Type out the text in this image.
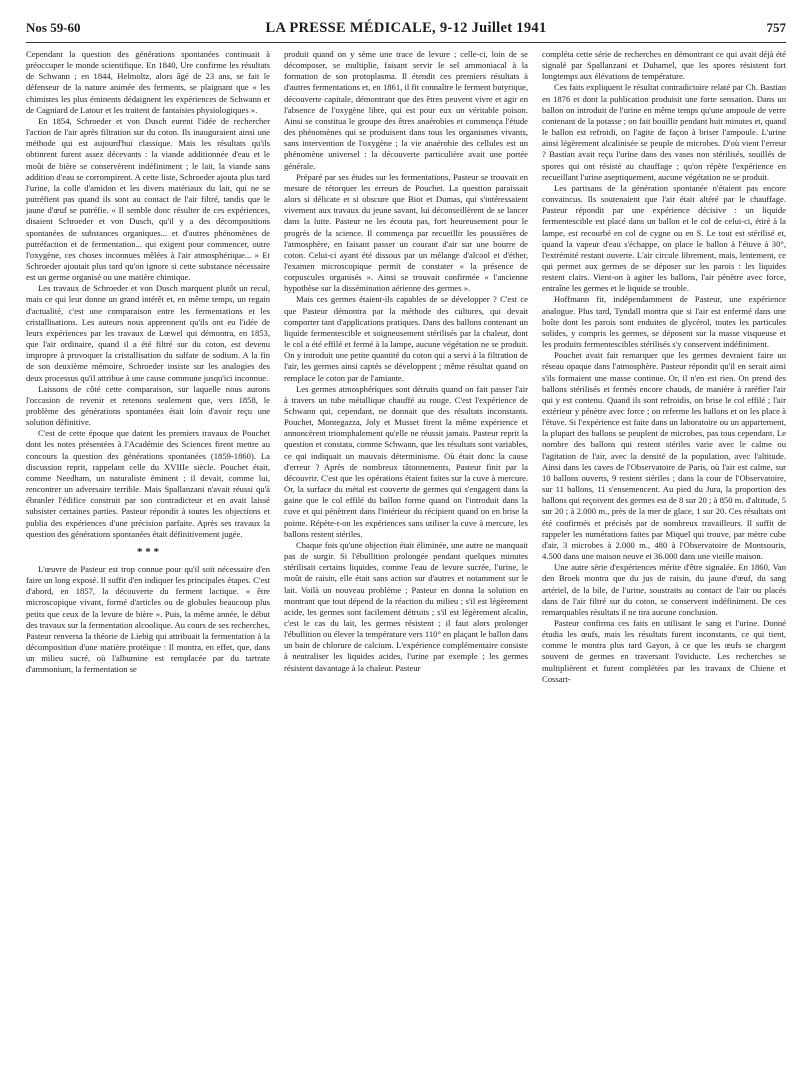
Nos 59-60	LA PRESSE MÉDICALE, 9-12 Juillet 1941	757

Cependant la question des générations spontanées continuait à préoccuper le monde scientifique. En 1840, Ure confirme les résultats de Schwann ; en 1844, Helmoltz, alors âgé de 23 ans, se fait le défenseur de la nature animée des ferments, se plaignant que « les chimistes les plus éminents dédaignent les expériences de Schwann et de Cagniard de Latour et les traitent de fantaisies physiologiques ».

En 1854, Schroeder et von Dusch eurent l'idée de rechercher l'action de l'air après filtration sur du coton. Ils inauguraient ainsi une méthode qui est aujourd'hui classique. Mais les résultats qu'ils obtinrent furent assez décevants : la viande additionnée d'eau et le moût de bière se conservèrent indéfiniment ; le lait, la viande sans addition d'eau se corrompirent. A cette liste, Schroeder ajouta plus tard l'urine, la colle d'amidon et les divers matériaux du lait, qui ne se putréfient pas quand ils sont au contact de l'air filtré, tandis que le jaune d'œuf se putréfie. « Il semble donc résulter de ces expériences, disaient Schroeder et von Dusch, qu'il y a des décompositions spontanées de substances organiques... et d'autres phénomènes de putréfaction et de fermentation... qui exigent pour commencer, outre l'oxygène, ces choses inconnues mêlées à l'air atmosphérique... » Et Schroeder ajoutait plus tard qu'on ignore si cette substance nécessaire est un germe organisé ou une matière chimique.

Les travaux de Schroeder et von Dusch marquent plutôt un recul, mais ce qui leur donne un grand intérêt et, en même temps, un regain d'actualité, c'est une comparaison entre les fermentations et les cristallisations. Les auteurs nous apprennent qu'ils ont eu l'idée de leurs expériences par les travaux de Lœwel qui démontra, en 1853, que l'air ordinaire, quand il a été filtré sur du coton, est devenu impropre à provoquer la cristallisation du sulfate de sodium. A la fin de son deuxième mémoire, Schroeder insiste sur les analogies des deux processus qu'il attribue à une cause commune jusqu'ici inconnue.

Laissons de côté cette comparaison, sur laquelle nous aurons l'occasion de revenir et retenons seulement que, vers 1858, le problème des générations spontanées était loin d'avoir reçu une solution définitive.

C'est de cette époque que datent les premiers travaux de Pouchet dont les notes présentées à l'Académie des Sciences firent mettre au concours la question des générations spontanées (1859-1860). La discussion reprit, rappelant celle du XVIIIe siècle. Pouchet était, comme Needham, un naturaliste éminent ; il devait, comme lui, rencontrer un adversaire terrible. Mais Spallanzani n'avait réussi qu'à ébranler l'édifice construit par son contradicteur et en avait laissé subsister certaines parties. Pasteur répondit à toutes les objections et publia des expériences d'une précision parfaite. Après ses travaux la question des générations spontanées était définitivement jugée.

* * *

L'œuvre de Pasteur est trop connue pour qu'il soit nécessaire d'en faire un long exposé. Il suffit d'en indiquer les principales étapes. C'est d'abord, en 1857, la découverte du ferment lactique. « être microscopique vivant, formé d'articles ou de globules beaucoup plus petits que ceux de la levure de bière ». Puis, la même année, le début des travaux sur la fermentation alcoolique. Au cours de ses recherches, Pasteur renversa la théorie de Liebig qui attribuait la fermentation à la décomposition d'une matière protéique : Il montra, en effet, que, dans un milieu sucré, où l'albumine est remplacée par du tartrate d'ammonium, la fermentation se

produit quand on y sème une trace de levure ; celle-ci, loin de se décomposer, se multiplie, faisant servir le sel ammoniacal à la formation de son protoplasma. Il étendit ces premiers résultats à d'autres fermentations et, en 1861, il fit connaître le ferment butyrique, découverte capitale, démontrant que des êtres peuvent vivre et agir en l'absence de l'oxygène libre, qui est pour eux un véritable poison. Ainsi se constitua le groupe des êtres anaérobies et commença l'étude des phénomènes qui se produisent dans tous les organismes vivants, sans intervention de l'oxygène ; la vie anaérobie des cellules est un phénomène universel : la découverte particulière avait une portée générale.

Préparé par ses études sur les fermentations, Pasteur se trouvait en mesure de rétorquer les erreurs de Pouchet. La question paraissait alors si délicate et si obscure que Biot et Dumas, qui s'intéressaient vivement aux travaux du jeune savant, lui déconseillèrent de se lancer dans la lutte. Pasteur ne les écouta pas, fort heureusement pour le progrès de la science. Il commença par recueillir les poussières de l'atmosphère, en faisant passer un courant d'air sur une bourre de coton. Celui-ci ayant été dissous par un mélange d'alcool et d'éther, l'examen microscopique permit de constater « la présence de corpuscules organisés ». Ainsi se trouvait confirmée « l'ancienne hypothèse sur la dissémination aérienne des germes ».

Mais ces germes étaient-ils capables de se développer ? C'est ce que Pasteur démontra par la méthode des cultures, qui devait comporter tant d'applications pratiques. Dans des ballons contenant un liquide fermentescible et soigneusement stérilisés par la chaleur, dont le col a été effilé et fermé à la lampe, aucune végétation ne se produit. On y introduit une petite quantité du coton qui a servi à la filtration de l'air, les germes ainsi captés se développent ; même résultat quand on remplace le coton par de l'amiante.

Les germes atmosphériques sont détruits quand on fait passer l'air à travers un tube métallique chauffé au rouge. C'est l'expérience de Schwann qui, cependant, ne donnait que des résultats inconstants. Pouchet, Montegazza, Joly et Musset firent la même expérience et annoncèrent triomphalement qu'elle ne réussit jamais. Pasteur reprit la question et constata, comme Schwann, que les résultats sont variables, ce qui indiquait un mauvais déterminisme. Où était donc la cause d'erreur ? Après de nombreux tâtonnements, Pasteur finit par la découvrir. C'est que les opérations étaient faites sur la cuve à mercure. Or, la surface du métal est couverte de germes qui s'engagent dans la gaine que le col effilé du ballon forme quand on l'introduit dans la cuve et qui pénètrent dans l'intérieur du récipient quand on en brise la pointe. Répète-t-on les expériences sans utiliser la cuve à mercure, les ballons restent stériles.

Chaque fois qu'une objection était éliminée, une autre ne manquait pas de surgir. Si l'ébullition prolongée pendant quelques minutes stérilisait certains liquides, comme l'eau de levure sucrée, l'urine, le moût de raisin, elle était sans action sur d'autres et notamment sur le lait. Voilà un nouveau problème ; Pasteur en donna la solution en montrant que tout dépend de la réaction du milieu ; s'il est légèrement acide, les germes sont facilement détruits ; s'il est légèrement alcalin, c'est le cas du lait, les germes résistent ; il faut alors prolonger l'ébullition ou élever la température vers 110° en plaçant le ballon dans un bain de chlorure de calcium. L'expérience complémentaire consiste à neutraliser les liquides acides, l'urine par exemple ; les germes résistent davantage à la chaleur. Pasteur

compléta cette série de recherches en démontrant ce qui avait déjà été signalé par Spallanzani et Duhamel, que les spores résistent fort longtemps aux élévations de température.

Ces faits expliquent le résultat contradictoire relaté par Ch. Bastian en 1876 et dont la publication produisit une forte sensation. Dans un ballon on introduit de l'urine en même temps qu'une ampoule de verre contenant de la potasse ; on fait bouillir pendant huit minutes et, quand le ballon est refroidi, on l'agite de façon à briser l'ampoule. L'urine ainsi légèrement alcalinisée se peuple de microbes. D'où vient l'erreur ? Bastian avait reçu l'urine dans des vases non stérilisés, souillés de spores qui ont résisté au chauffage ; qu'on répète l'expérience en recueillant l'urine aseptiquement, aucune végétation ne se produit.

Les partisans de la génération spontanée n'étaient pas encore convaincus. Ils soutenaient que l'air était altéré par le chauffage. Pasteur répondit par une expérience décisive : un liquide fermentescible est placé dans un ballon et le col de celui-ci, étiré à la lampe, est recourbé en col de cygne ou en S. Le tout est stérilisé et, quand la vapeur d'eau s'échappe, on place le ballon à l'étuve à 30°, l'extrémité restant ouverte. L'air circule librement, mais, lentement, ce qui permet aux germes de se déposer sur les parois : les liquides restent clairs. Vient-on à agiter les ballons, l'air pénètre avec force, entraîne les germes et le liquide se trouble.

Hoffmann fit, indépendamment de Pasteur, une expérience analogue. Plus tard, Tyndall montra que si l'air est enfermé dans une boîte dont les parois sont enduites de glycérol, toutes les particules solides, y compris les germes, se déposent sur la masse visqueuse et les produits fermentescibles stérilisés s'y conservent indéfiniment.

Pouchet avait fait remarquer que les germes devraient faire un réseau opaque dans l'atmosphère. Pasteur répondit qu'il en serait ainsi s'ils formaient une masse continue. Or, il n'en est rien. On prend des ballons stérilisés et fermés encore chauds, de manière à raréfier l'air qui y est contenu. Quand ils sont refroidis, on brise le col effilé ; l'air extérieur y pénètre avec force ; on referme les ballons et on les place à l'étuve. Si l'expérience est faite dans un laboratoire ou un appartement, la plupart des ballons se peuplent de microbes, pas tous cependant. Le nombre des ballons qui restent stériles varie avec le calme ou l'agitation de l'air, avec la densité de la population, avec l'altitude. Ainsi dans les caves de l'Observatoire de Paris, où l'air est calme, sur 10 ballons ouverts, 9 restent stériles ; dans la cour de l'Observatoire, sur 11 ballons, 11 s'ensemencent. Au pied du Jura, la proportion des ballons qui reçoivent des germes est de 8 sur 20 ; à 850 m. d'altitude, 5 sur 20 ; à 2.000 m., près de la mer de glace, 1 sur 20. Ces résultats ont été confirmés et précisés par de nombreux travailleurs. Il suffit de rappeler les numérations faites par Miquel qui trouve, par mètre cube d'air, 3 microbes à 2.000 m., 480 à l'Observatoire de Montsouris, 4.500 dans une maison neuve et 36.000 dans une vieille maison.

Une autre série d'expériences mérite d'être signalée. En 1860, Van den Broek montra que du jus de raisin, du jaune d'œuf, du sang artériel, de la bile, de l'urine, soustraits au contact de l'air ou placés dans de l'air filtré sur du coton, se conservent indéfiniment. De ces remarquables résultats il ne tira aucune conclusion.

Pasteur confirma ces faits en utilisant le sang et l'urine. Donné étudia les œufs, mais les résultats furent inconstants, ce qui tient, comme le montra plus tard Gayon, à ce que les œufs se chargent souvent de germes en traversant l'oviducte. Les recherches se multiplièrent et furent complétées par les travaux de Chiene et Cossart-
